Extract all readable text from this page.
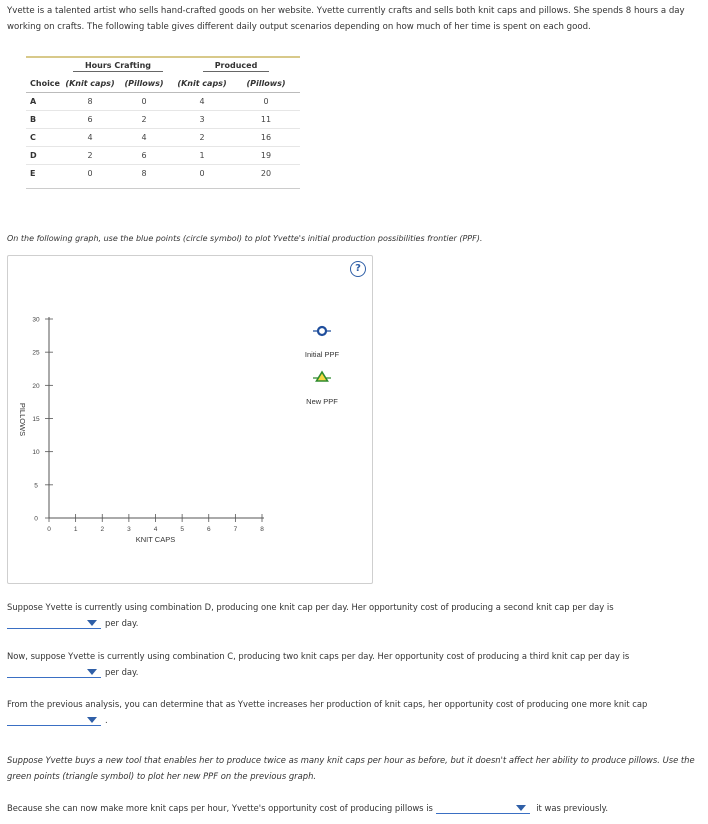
Yvette is a talented artist who sells hand-crafted goods on her website. Yvette currently crafts and sells both knit caps and pillows. She spends 8 hours a day working on crafts. The following table gives different daily output scenarios depending on how much of her time is spent on each good.
	Hours Crafting		Produced	
Choice	(Knit caps)	(Pillows)	(Knit caps)	(Pillows)
A	8	0	4	0
B	6	2	3	11
C	4	4	2	16
D	2	6	1	19
E	0	8	0	20
On the following graph, use the blue points (circle symbol) to plot Yvette's initial production possibilities frontier (PPF).
0	1	2	3	4	5	6	7	8
0
5
10
15
20
25
30
KNIT CAPS
PILLOWS
Initial PPF
New PPF
?
Suppose Yvette is currently using combination D, producing one knit cap per day. Her opportunity cost of producing a second knit cap per day is
per day.
Now, suppose Yvette is currently using combination C, producing two knit caps per day. Her opportunity cost of producing a third knit cap per day is
per day.
From the previous analysis, you can determine that as Yvette increases her production of knit caps, her opportunity cost of producing one more knit cap
.
Suppose Yvette buys a new tool that enables her to produce twice as many knit caps per hour as before, but it doesn't affect her ability to produce pillows. Use the green points (triangle symbol) to plot her new PPF on the previous graph.
Because she can now make more knit caps per hour, Yvette's opportunity cost of producing pillows is	it was previously.
